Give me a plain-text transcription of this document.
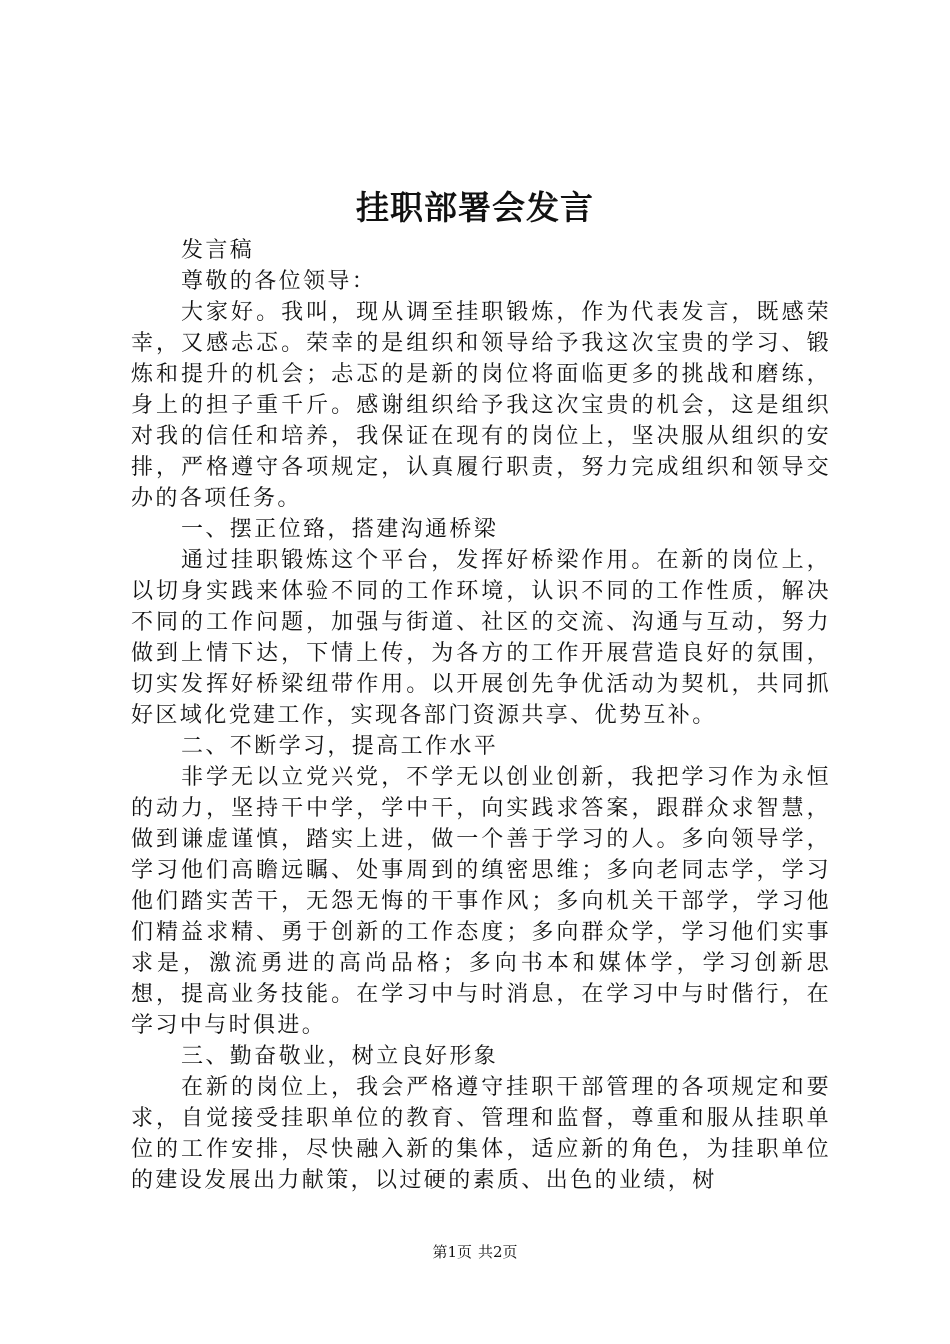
挂职部署会发言

发言稿

尊敬的各位领导：

大家好。我叫，现从调至挂职锻炼，作为代表发言，既感荣幸，又感忐忑。荣幸的是组织和领导给予我这次宝贵的学习、锻炼和提升的机会；忐忑的是新的岗位将面临更多的挑战和磨练，身上的担子重千斤。感谢组织给予我这次宝贵的机会，这是组织对我的信任和培养，我保证在现有的岗位上，坚决服从组织的安排，严格遵守各项规定，认真履行职责，努力完成组织和领导交办的各项任务。

一、摆正位臵，搭建沟通桥梁

通过挂职锻炼这个平台，发挥好桥梁作用。在新的岗位上，以切身实践来体验不同的工作环境，认识不同的工作性质，解决不同的工作问题，加强与街道、社区的交流、沟通与互动，努力做到上情下达，下情上传，为各方的工作开展营造良好的氛围，切实发挥好桥梁纽带作用。以开展创先争优活动为契机，共同抓好区域化党建工作，实现各部门资源共享、优势互补。

二、不断学习，提高工作水平

非学无以立党兴党，不学无以创业创新，我把学习作为永恒的动力，坚持干中学，学中干，向实践求答案，跟群众求智慧，做到谦虚谨慎，踏实上进，做一个善于学习的人。多向领导学，学习他们高瞻远瞩、处事周到的缜密思维；多向老同志学，学习他们踏实苦干，无怨无悔的干事作风；多向机关干部学，学习他们精益求精、勇于创新的工作态度；多向群众学，学习他们实事求是，激流勇进的高尚品格；多向书本和媒体学，学习创新思想，提高业务技能。在学习中与时消息，在学习中与时偕行，在学习中与时俱进。

三、勤奋敬业，树立良好形象

在新的岗位上，我会严格遵守挂职干部管理的各项规定和要求，自觉接受挂职单位的教育、管理和监督，尊重和服从挂职单位的工作安排，尽快融入新的集体，适应新的角色，为挂职单位的建设发展出力献策，以过硬的素质、出色的业绩，树

第1页 共2页
